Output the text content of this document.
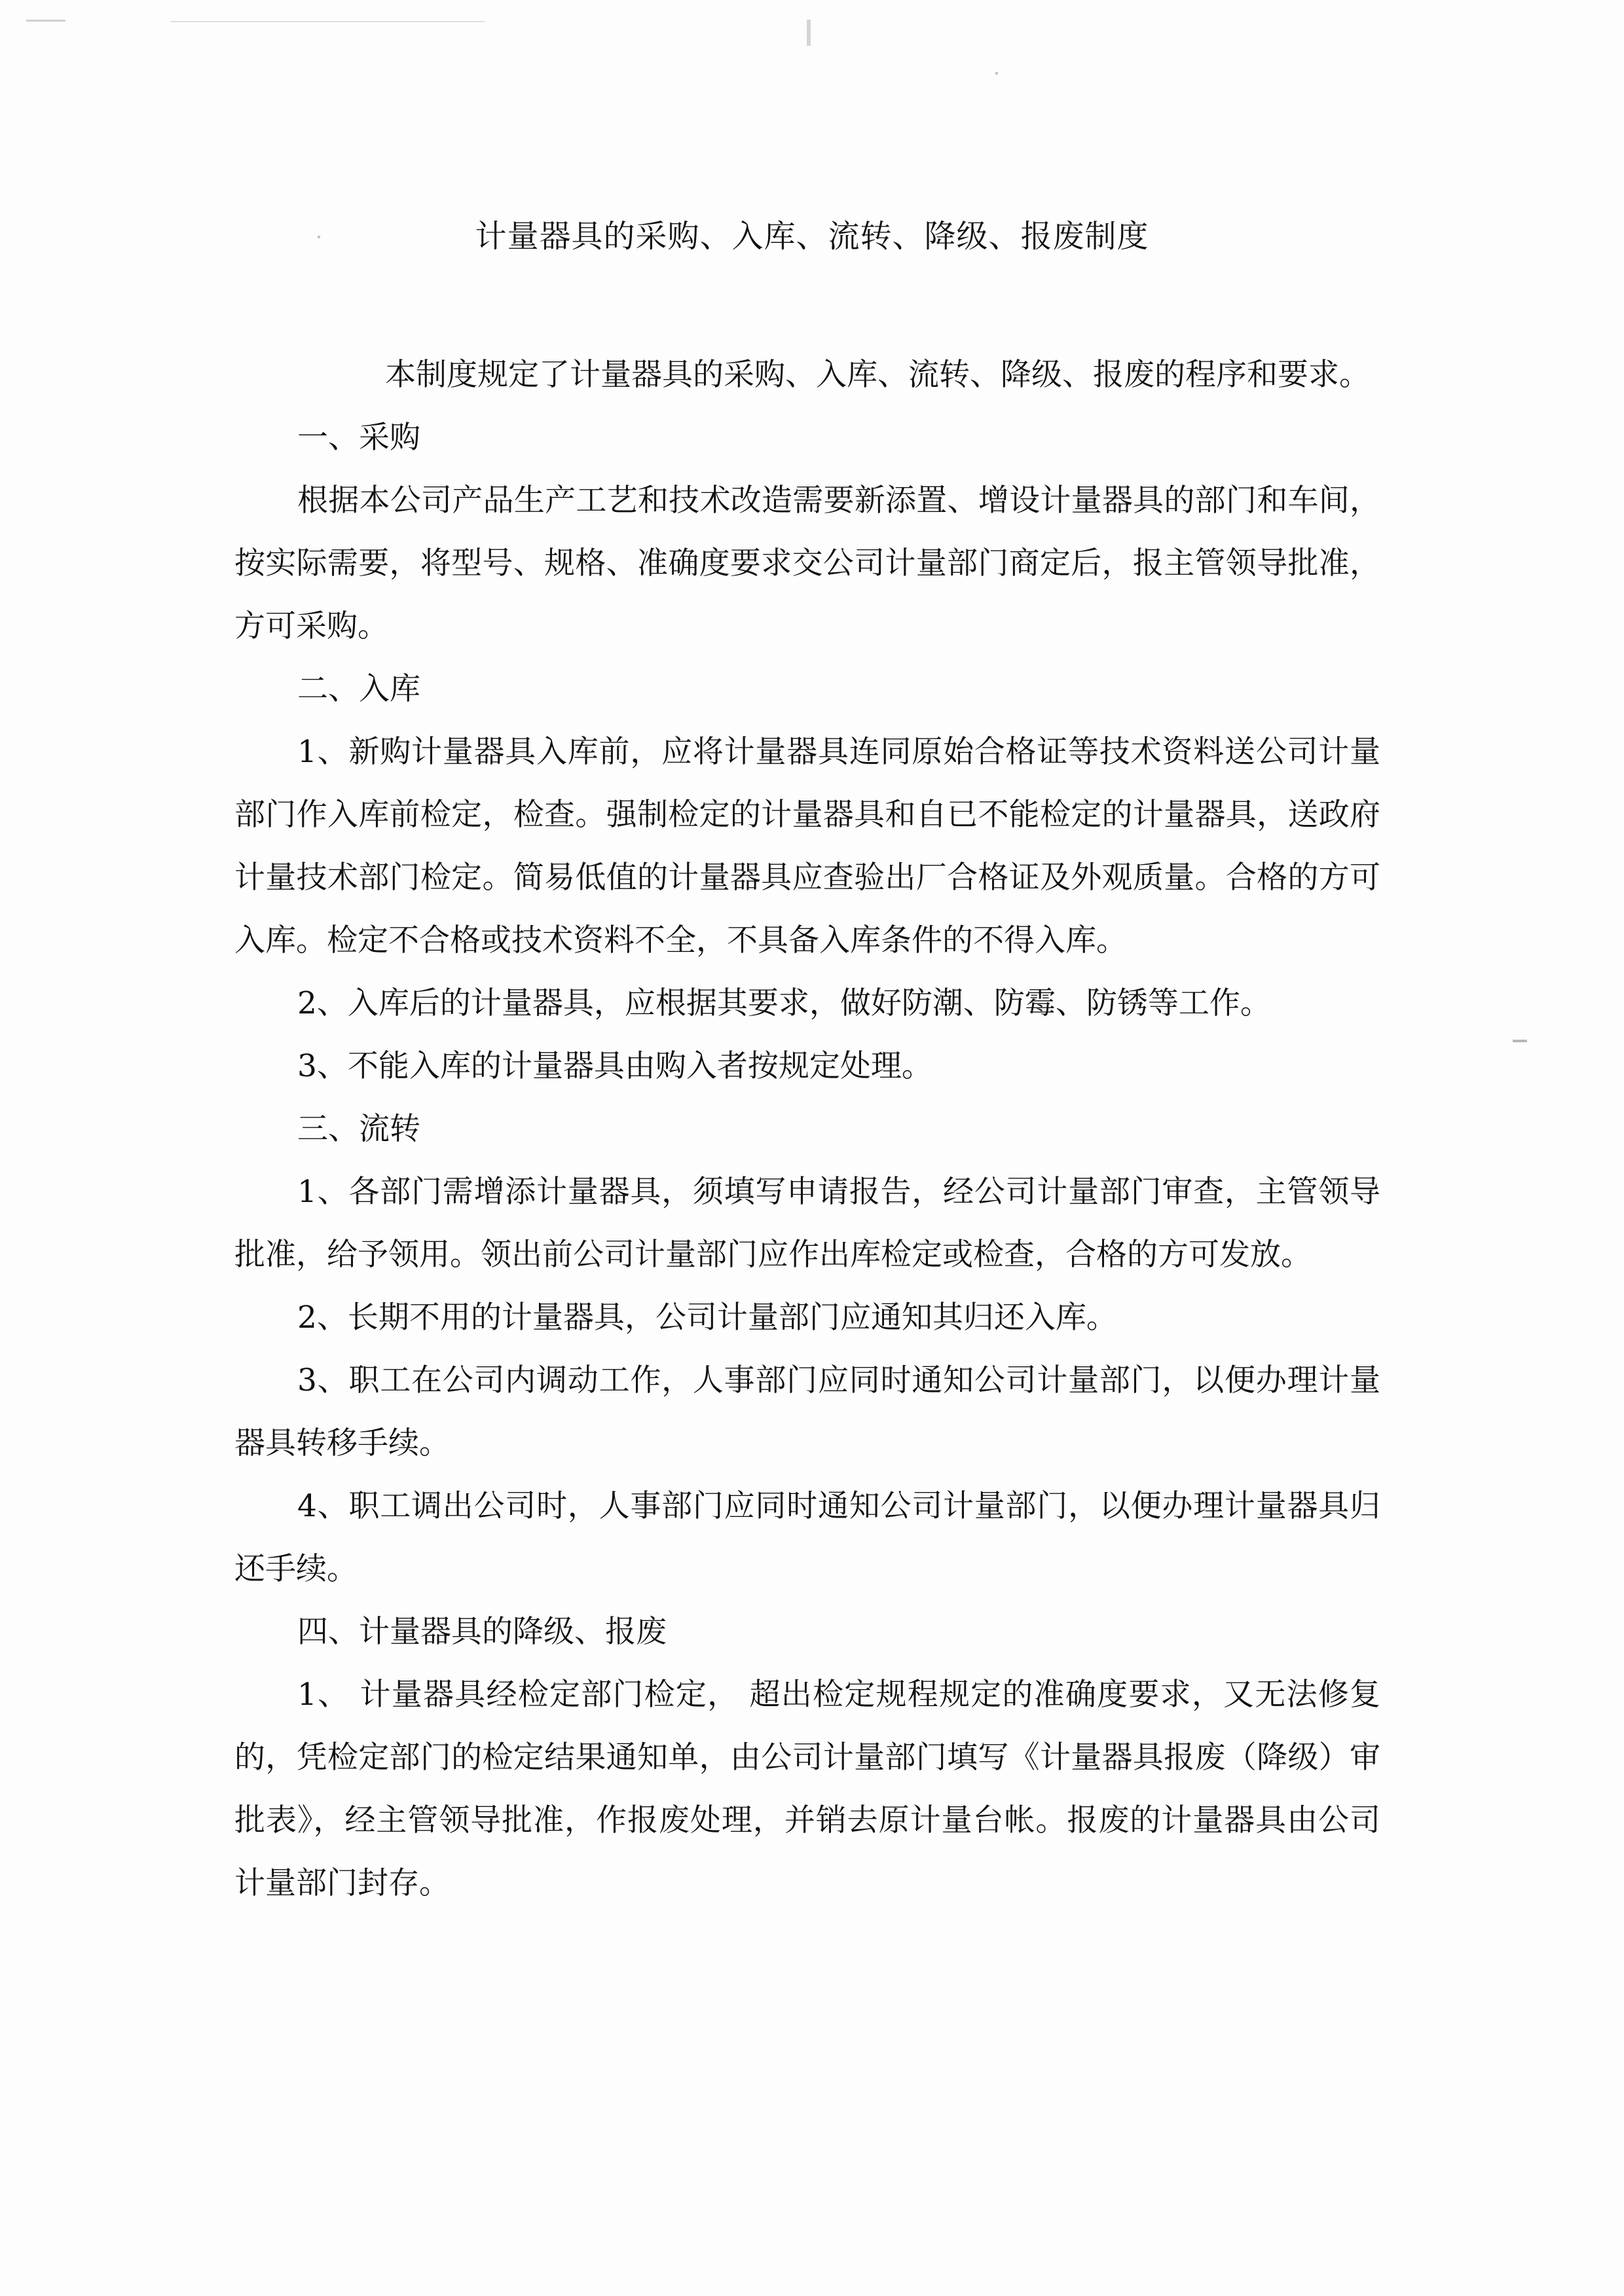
计量器具的采购、入库、流转、降级、报废制度

本制度规定了计量器具的采购、入库、流转、降级、报废的程序和要求。

一、采购

根据本公司产品生产工艺和技术改造需要新添置、增设计量器具的部门和车间，按实际需要，将型号、规格、准确度要求交公司计量部门商定后，报主管领导批准，方可采购。

二、入库

1、新购计量器具入库前，应将计量器具连同原始合格证等技术资料送公司计量部门作入库前检定，检查。强制检定的计量器具和自已不能检定的计量器具，送政府计量技术部门检定。简易低值的计量器具应查验出厂合格证及外观质量。合格的方可入库。检定不合格或技术资料不全，不具备入库条件的不得入库。

2、入库后的计量器具，应根据其要求，做好防潮、防霉、防锈等工作。

3、不能入库的计量器具由购入者按规定处理。

三、流转

1、各部门需增添计量器具，须填写申请报告，经公司计量部门审查，主管领导批准，给予领用。领出前公司计量部门应作出库检定或检查，合格的方可发放。

2、长期不用的计量器具，公司计量部门应通知其归还入库。

3、职工在公司内调动工作，人事部门应同时通知公司计量部门，以便办理计量器具转移手续。

4、职工调出公司时，人事部门应同时通知公司计量部门，以便办理计量器具归还手续。

四、计量器具的降级、报废

1、 计量器具经检定部门检定， 超出检定规程规定的准确度要求，又无法修复的，凭检定部门的检定结果通知单，由公司计量部门填写《计量器具报废（降级）审批表》，经主管领导批准，作报废处理，并销去原计量台帐。报废的计量器具由公司计量部门封存。
